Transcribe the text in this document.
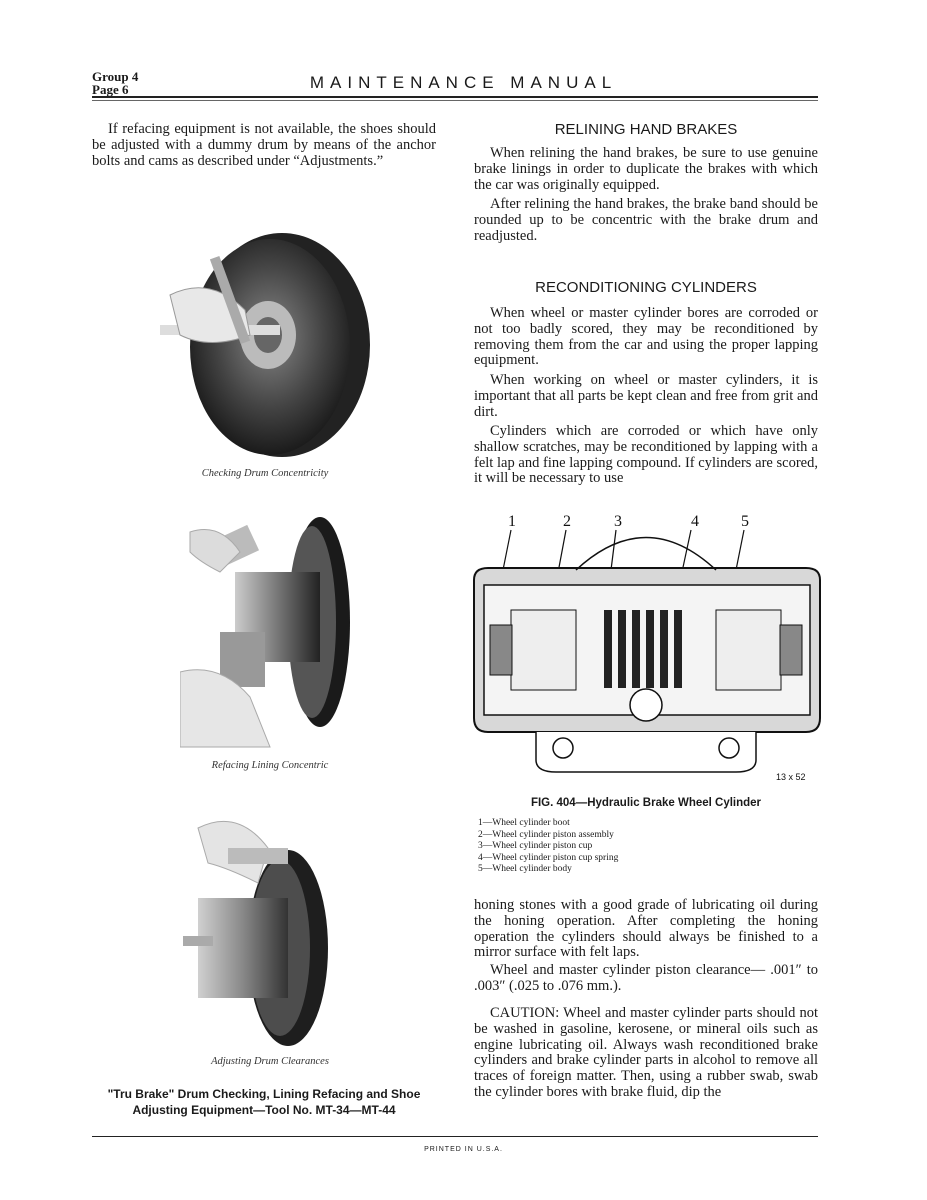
Group 4
Page 6	MAINTENANCE MANUAL

If refacing equipment is not available, the shoes should be adjusted with a dummy drum by means of the anchor bolts and cams as described under “Adjustments.”

Checking Drum Concentricity
Refacing Lining Concentric
Adjusting Drum Clearances
"Tru Brake" Drum Checking, Lining Refacing and Shoe
Adjusting Equipment—Tool No. MT-34—MT-44
RELINING HAND BRAKES

When relining the hand brakes, be sure to use genuine brake linings in order to duplicate the brakes with which the car was originally equipped.

After relining the hand brakes, the brake band should be rounded up to be concentric with the brake drum and readjusted.

RECONDITIONING CYLINDERS

When wheel or master cylinder bores are corroded or not too badly scored, they may be reconditioned by removing them from the car and using the proper lapping equipment.

When working on wheel or master cylinders, it is important that all parts be kept clean and free from grit and dirt.

Cylinders which are corroded or which have only shallow scratches, may be reconditioned by lapping with a felt lap and fine lapping compound. If cylinders are scored, it will be necessary to use

1	2	3	4	5
13 x 52
FIG. 404—Hydraulic Brake Wheel Cylinder
1—Wheel cylinder boot
2—Wheel cylinder piston assembly
3—Wheel cylinder piston cup
4—Wheel cylinder piston cup spring
5—Wheel cylinder body

honing stones with a good grade of lubricating oil during the honing operation. After completing the honing operation the cylinders should always be finished to a mirror surface with felt laps.

Wheel and master cylinder piston clearance— .001″ to .003″ (.025 to .076 mm.).

CAUTION: Wheel and master cylinder parts should not be washed in gasoline, kerosene, or mineral oils such as engine lubricating oil. Always wash reconditioned brake cylinders and brake cylinder parts in alcohol to remove all traces of foreign matter. Then, using a rubber swab, swab the cylinder bores with brake fluid, dip the

PRINTED IN U.S.A.
